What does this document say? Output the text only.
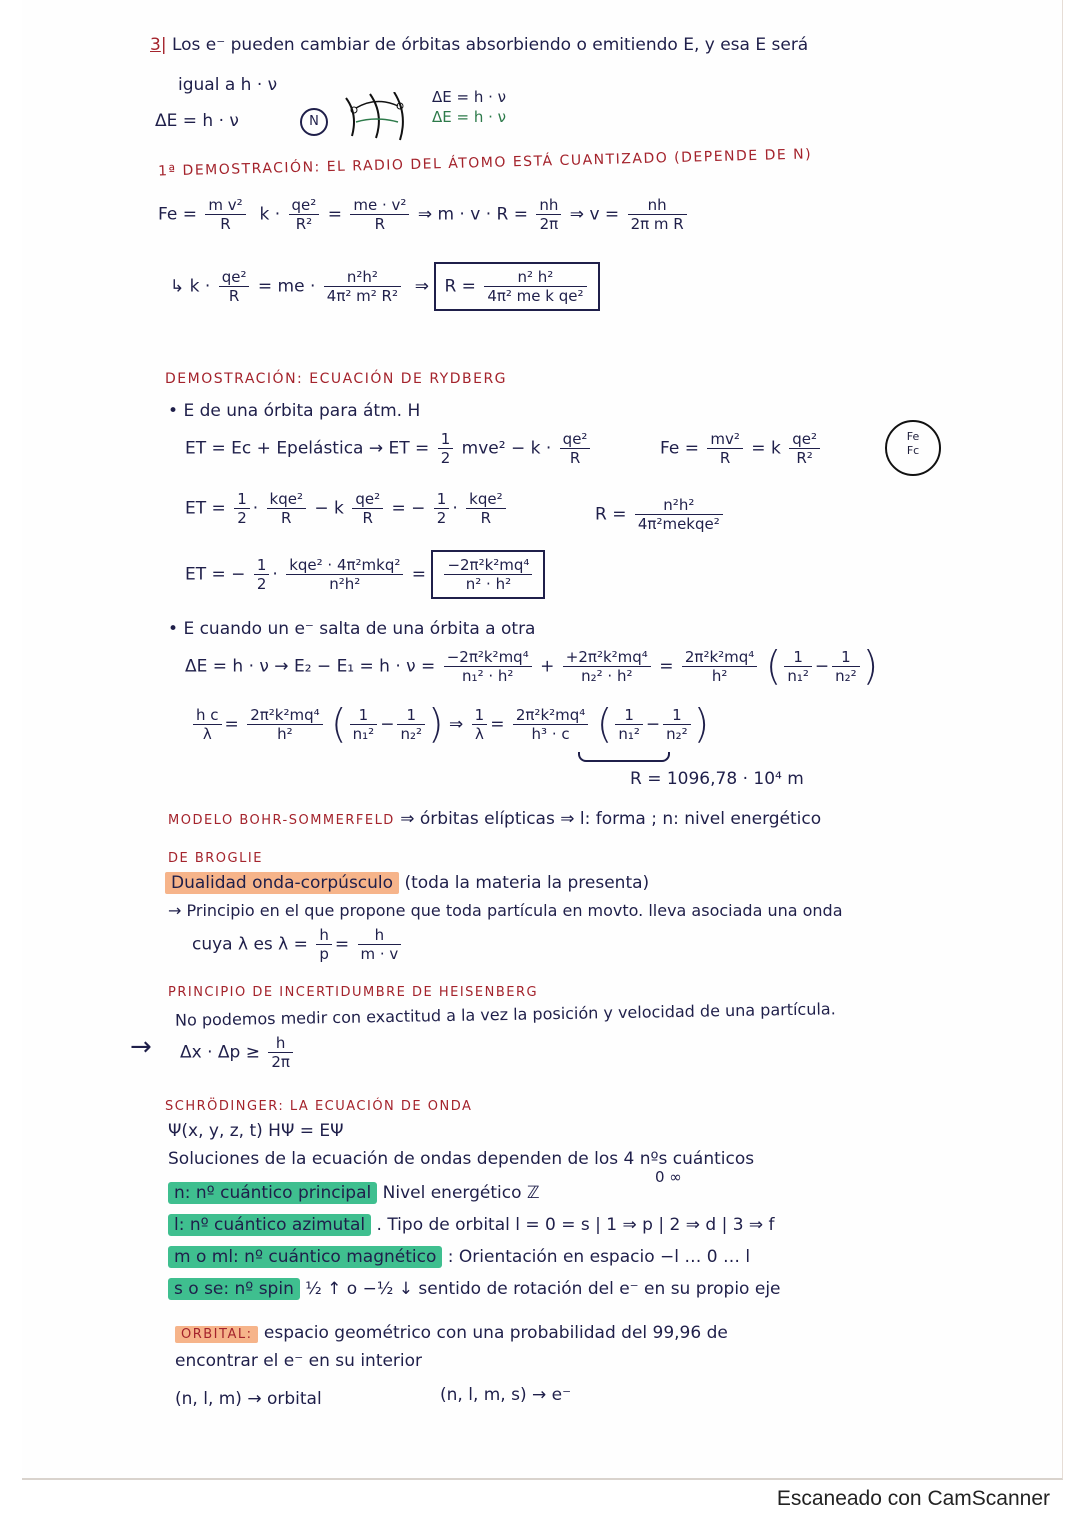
3| Los e⁻ pueden cambiar de órbitas absorbiendo o emitiendo E, y esa E será
igual a h · ν
ΔE = h · ν	N
ΔE = h · ν
ΔE = h · ν
1ª DEMOSTRACIÓN: EL RADIO DEL ÁTOMO ESTÁ CUANTIZADO (DEPENDE DE N)
$Fe = \frac{\text{m v²}}{R}$ $k \cdot \frac{\text{qe²}}{\text{R²}} = \frac{\text{me · v²}}{R}$ ⇒ $m \cdot v \cdot R = \frac{nh}{2\pi}$ ⇒ $v = \frac{nh}{\text{2π m R}}$
↳ $k \cdot \frac{\text{qe²}}{R}$ = me · $\frac{\text{n²h²}}{\text{4π² m² R²}}$ ⇒ $R = \frac{\text{n² h²}}{\text{4π² me k qe²}}$
DEMOSTRACIÓN: ECUACIÓN DE RYDBERG
• E de una órbita para átm. H
ET = Ec + Epelástica → ET = $\frac{1}{2} mve^2 - k \cdot \frac{\text{qe²}}{R}$	$Fe = \frac{\text{mv²}}{R} = k \frac{\text{qe²}}{\text{R²}}$	Fe
Fc
ET = $\frac{1}{2} \cdot \frac{\text{kqe²}}{R} - k \frac{\text{qe²}}{R}$ = − $\frac{1}{2} \cdot \frac{\text{kqe²}}{R}$	$R = \frac{\text{n²h²}}{\text{4π²mekqe²}}$
ET = − $\frac{1}{2} \cdot \frac{\text{kqe² · 4π²mkq²}}{\text{n²h²}} = \frac{\text{−2π²k²mq⁴}}{\text{n² · h²}}$
• E cuando un e⁻ salta de una órbita a otra
$\Delta E = h \cdot \nu \to E_2 - E_1 = h \cdot \nu = \frac{\text{−2π²k²mq⁴}}{\text{n₁² · h²}} + \frac{\text{+2π²k²mq⁴}}{\text{n₂² · h²}} = \frac{\text{2π²k²mq⁴}}{\text{h²}}$ ( $\frac{1}{\text{n₁²}} - \frac{1}{\text{n₂²}}$ )
$\frac{\text{h c}}{\lambda} = \frac{\text{2π²k²mq⁴}}{\text{h²}}$ ( $\frac{1}{\text{n₁²}} - \frac{1}{\text{n₂²}}$ ) ⇒ $\frac{1}{\lambda} = \frac{\text{2π²k²mq⁴}}{\text{h³ · c}}$ ( $\frac{1}{\text{n₁²}} - \frac{1}{\text{n₂²}}$ )
R = 1096,78 · 10⁴ m
MODELO BOHR-SOMMERFELD ⇒ órbitas elípticas ⇒ l: forma ; n: nivel energético
DE BROGLIE
Dualidad onda-corpúsculo (toda la materia la presenta)
→ Principio en el que propone que toda partícula en movto. lleva asociada una onda
cuya λ es $\lambda = \frac{h}{p} = \frac{h}{m \cdot v}$
PRINCIPIO DE INCERTIDUMBRE DE HEISENBERG
No podemos medir con exactitud a la vez la posición y velocidad de una partícula.
→ $\Delta x \cdot \Delta p \ge \frac{h}{2\pi}$
SCHRÖDINGER: LA ECUACIÓN DE ONDA
Ψ(x, y, z, t) HΨ = EΨ
Soluciones de la ecuación de ondas dependen de los 4 nºs cuánticos
0 ∞
n: nº cuántico principal Nivel energético ℤ
l: nº cuántico azimutal . Tipo de orbital l = 0 = s | 1 ⇒ p | 2 ⇒ d | 3 ⇒ f
m o ml: nº cuántico magnético : Orientación en espacio −l … 0 … l
s o se: nº spin ½ ↑ o −½ ↓ sentido de rotación del e⁻ en su propio eje
ORBITAL: espacio geométrico con una probabilidad del 99,96 de
encontrar el e⁻ en su interior
(n, l, m) → orbital	(n, l, m, s) → e⁻
Escaneado con CamScanner
